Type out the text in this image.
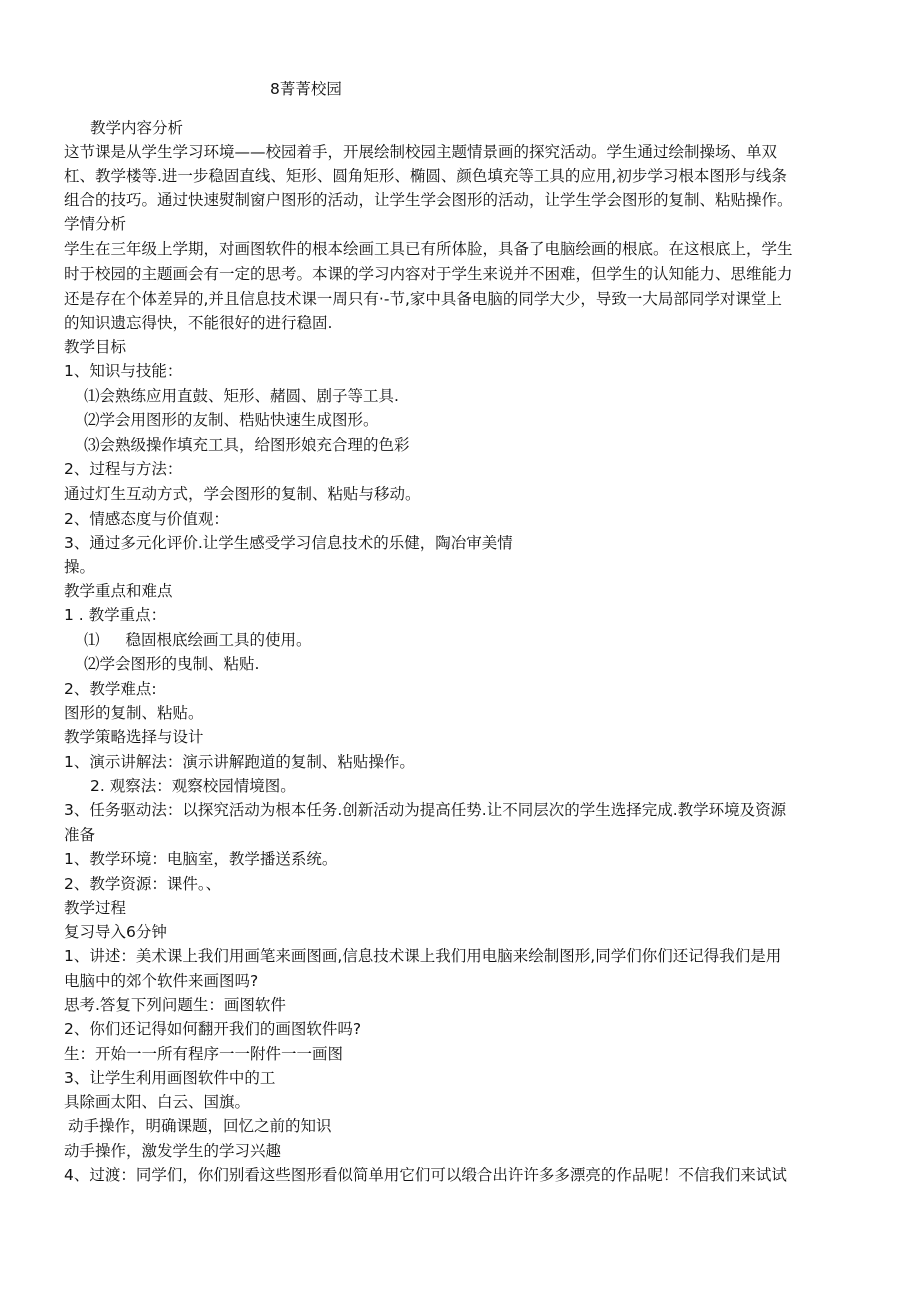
8菁菁校园
教学内容分析
这节课是从学生学习环境——校园着手，开展绘制校园主题情景画的探究活动。学生通过绘制操场、单双
杠、教学楼等.进一步稳固直线、矩形、圆角矩形、椭圆、颜色填充等工具的应用,初步学习根本图形与线条
组合的技巧。通过快速熨制窗户图形的活动，让学生学会图形的活动，让学生学会图形的复制、粘贴操作。
学情分析
学生在三年级上学期，对画图软件的根本绘画工具已有所体脸，具备了电脑绘画的根底。在这根底上，学生
时于校园的主题画会有一定的思考。本课的学习内容对于学生来说并不困难，但学生的认知能力、思维能力
还是存在个体差异的,并且信息技术课一周只有·-节,家中具备电脑的同学大少，导致一大局部同学对课堂上
的知识遗忘得快，不能很好的进行稳固.
教学目标
1、知识与技能：
⑴会熟练应用直鼓、矩形、赭圆、剧子等工具.
⑵学会用图形的友制、梏贴快速生成图形。
⑶会熟级操作填充工具，给图形娘充合理的色彩
2、过程与方法：
通过灯生互动方式，学会图形的复制、粘贴与移动。
2、情感态度与价值观：
3、通过多元化评价.让学生感受学习信息技术的乐健，陶冶审美情
操。
教学重点和难点
1 . 教学重点：
⑴ 稳固根底绘画工具的使用。
⑵学会图形的曳制、粘贴.
2、教学难点:
图形的复制、粘贴。
教学策略选择与设计
1、演示讲解法：演示讲解跑道的复制、粘贴操作。
2. 观察法：观察校园情境图。
3、任务驱动法：以探究活动为根本任务.创新活动为提高任势.让不同层次的学生选择完成.教学环境及资源
准备
1、教学环境：电脑室，教学播送系统。
2、教学资源：课件。、
教学过程
复习导入6分钟
1、讲述：美术课上我们用画笔来画图画,信息技术课上我们用电脑来绘制图形,同学们你们还记得我们是用
电脑中的郊个软件来画图吗?
思考.答复下列问题生：画图软件
2、你们还记得如何翻开我们的画图软件吗?
生：开始一一所有程序一一附件一一画图
3、让学生利用画图软件中的工
具除画太阳、白云、国旗。
动手操作，明确课题，回忆之前的知识
动手操作，激发学生的学习兴趣
4、过渡：同学们，你们别看这些图形看似简单用它们可以缎合出许许多多漂亮的作品呢！不信我们来试试
